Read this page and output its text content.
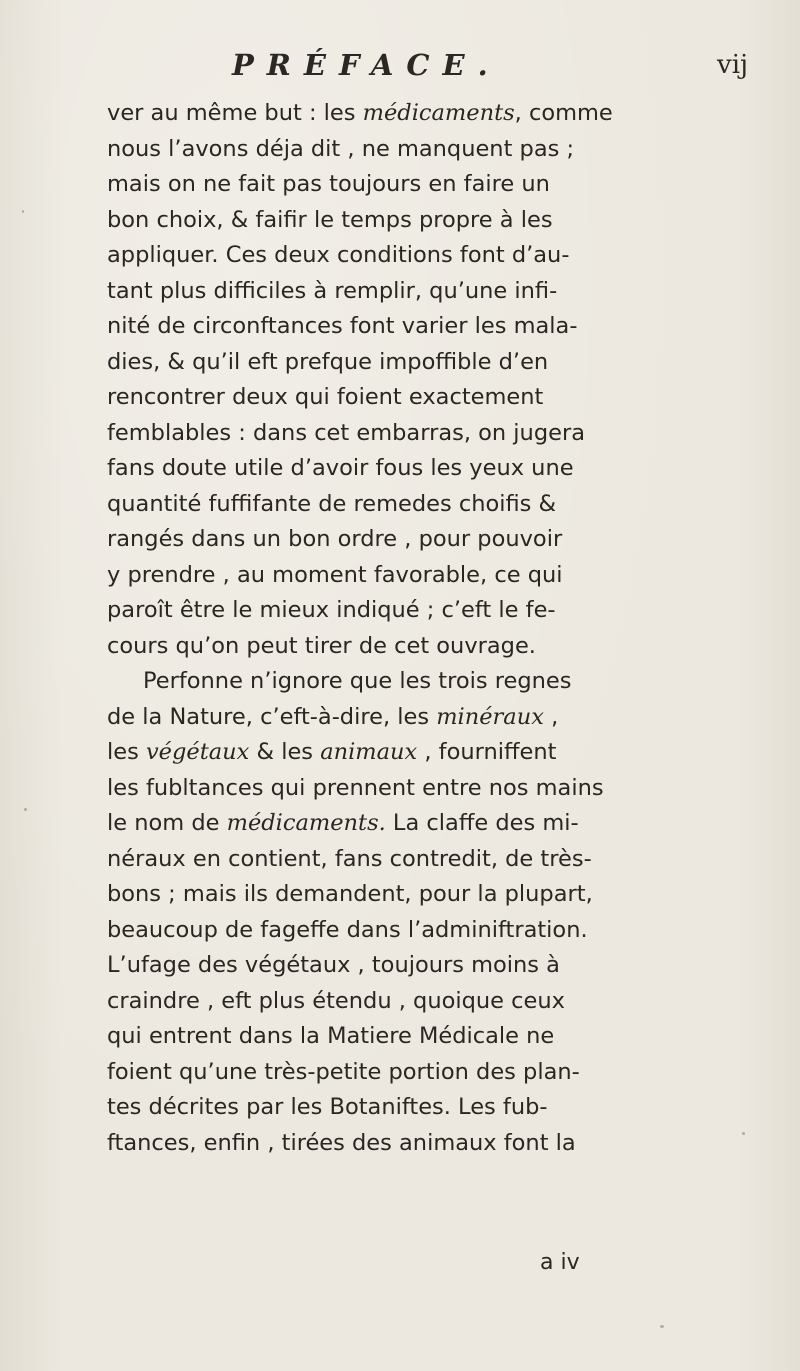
PRÉFACE.	vij
ver au même but : les médicaments, comme
nous l’avons déja dit , ne manquent pas ;
mais on ne fait pas toujours en faire un
bon choix, & faifir le temps propre à les
appliquer. Ces deux conditions font d’au-
tant plus difficiles à remplir, qu’une infi-
nité de circonftances font varier les mala-
dies, & qu’il eft prefque impoffible d’en
rencontrer deux qui foient exactement
femblables : dans cet embarras, on jugera
fans doute utile d’avoir fous les yeux une
quantité fuffifante de remedes choifis &
rangés dans un bon ordre , pour pouvoir
y prendre , au moment favorable, ce qui
paroît être le mieux indiqué ; c’eft le fe-
cours qu’on peut tirer de cet ouvrage.
Perfonne n’ignore que les trois regnes
de la Nature, c’eft-à-dire, les minéraux ,
les végétaux & les animaux , fourniffent
les fubltances qui prennent entre nos mains
le nom de médicaments. La claffe des mi-
néraux en contient, fans contredit, de très-
bons ; mais ils demandent, pour la plupart,
beaucoup de fageffe dans l’adminiftration.
L’ufage des végétaux , toujours moins à
craindre , eft plus étendu , quoique ceux
qui entrent dans la Matiere Médicale ne
foient qu’une très-petite portion des plan-
tes décrites par les Botaniftes. Les fub-
ftances, enfin , tirées des animaux font la
a iv
